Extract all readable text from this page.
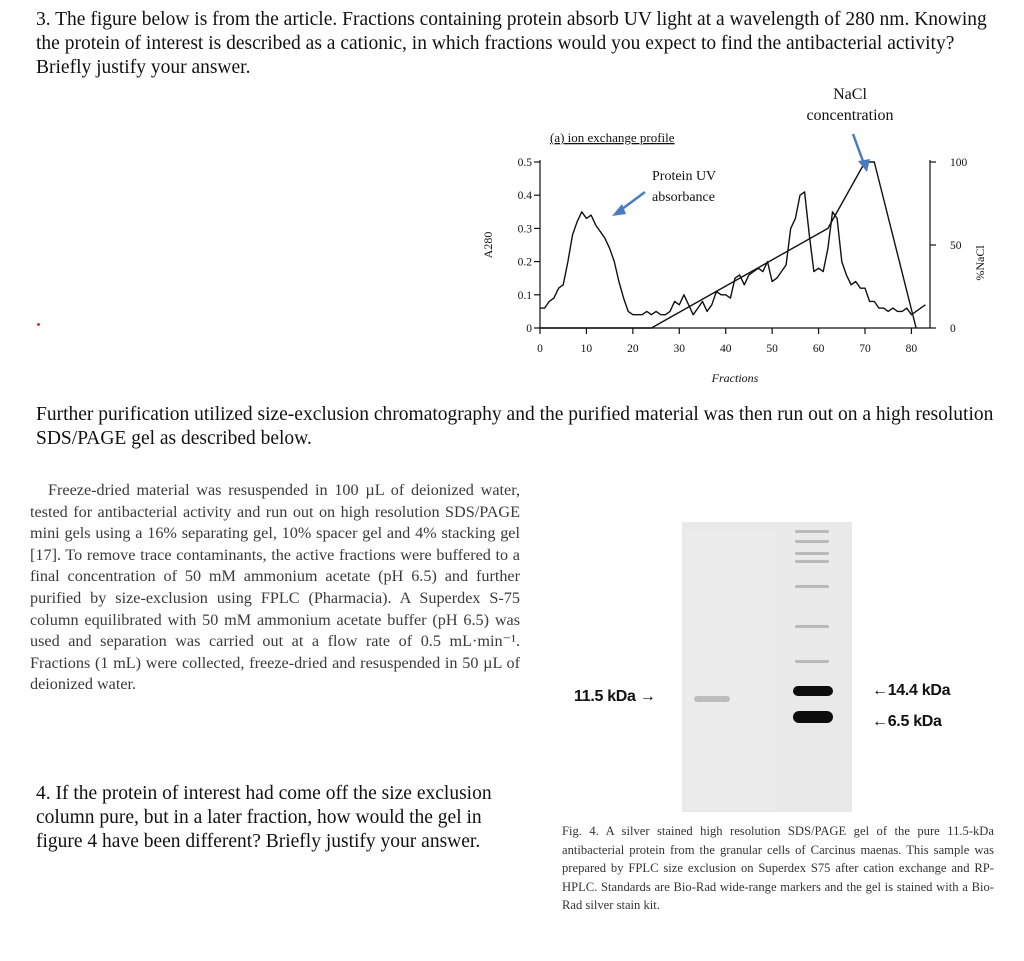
3. The figure below is from the article. Fractions containing protein absorb UV light at a wavelength of 280 nm. Knowing the protein of interest is described as a cationic, in which fractions would you expect to find the antibacterial activity? Briefly justify your answer.
NaCl
concentration
(a) ion exchange profile
0
0.1
0.2
0.3
0.4
0.5
A280
0	10	20	30	40	50	60	70	80
Fractions
0
50
100
%NaCl
Protein UV
absorbance
Further purification utilized size-exclusion chromatography and the purified material was then run out on a high resolution SDS/PAGE gel as described below.
Freeze-dried material was resuspended in 100 µL of deionized water, tested for antibacterial activity and run out on high resolution SDS/PAGE mini gels using a 16% separating gel, 10% spacer gel and 4% stacking gel [17]. To remove trace contaminants, the active fractions were buffered to a final concentration of 50 mM ammonium acetate (pH 6.5) and further purified by size-exclusion using FPLC (Pharmacia). A Superdex S-75 column equilibrated with 50 mM ammonium acetate buffer (pH 6.5) was used and separation was carried out at a flow rate of 0.5 mL·min⁻¹. Fractions (1 mL) were collected, freeze-dried and resuspended in 50 µL of deionized water.
11.5 kDa →	←14.4 kDa
←6.5 kDa
4. If the protein of interest had come off the size exclusion column pure, but in a later fraction, how would the gel in figure 4 have been different? Briefly justify your answer.	Fig. 4. A silver stained high resolution SDS/PAGE gel of the pure 11.5-kDa antibacterial protein from the granular cells of Carcinus maenas. This sample was prepared by FPLC size exclusion on Superdex S75 after cation exchange and RP-HPLC. Standards are Bio-Rad wide-range markers and the gel is stained with a Bio-Rad silver stain kit.
